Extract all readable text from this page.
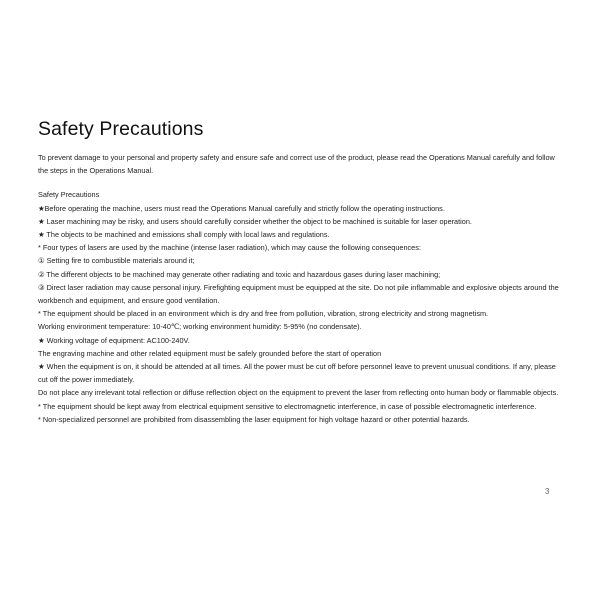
Safety Precautions

To prevent damage to your personal and property safety and ensure safe and correct use of the product, please read the Operations Manual carefully and follow the steps in the Operations Manual.

Safety Precautions

★Before operating the machine, users must read the Operations Manual carefully and strictly follow the operating instructions.

★ Laser machining may be risky, and users should carefully consider whether the object to be machined is suitable for laser operation.

★ The objects to be machined and emissions shall comply with local laws and regulations.

* Four types of lasers are used by the machine (intense laser radiation), which may cause the following consequences:

① Setting fire to combustible materials around it;

② The different objects to be machined may generate other radiating and toxic and hazardous gases during laser machining;

③ Direct laser radiation may cause personal injury. Firefighting equipment must be equipped at the site. Do not pile inflammable and explosive objects around the workbench and equipment, and ensure good ventilation.

* The equipment should be placed in an environment which is dry and free from pollution, vibration, strong electricity and strong magnetism.

Working environment temperature: 10-40℃; working environment humidity: 5-95% (no condensate).

★ Working voltage of equipment: AC100-240V.

The engraving machine and other related equipment must be safely grounded before the start of operation

★ When the equipment is on, it should be attended at all times. All the power must be cut off before personnel leave to prevent unusual conditions. If any, please cut off the power immediately.

Do not place any irrelevant total reflection or diffuse reflection object on the equipment to prevent the laser from reflecting onto human body or flammable objects.

* The equipment should be kept away from electrical equipment sensitive to electromagnetic interference, in case of possible electromagnetic interference.

* Non-specialized personnel are prohibited from disassembling the laser equipment for high voltage hazard or other potential hazards.

3
